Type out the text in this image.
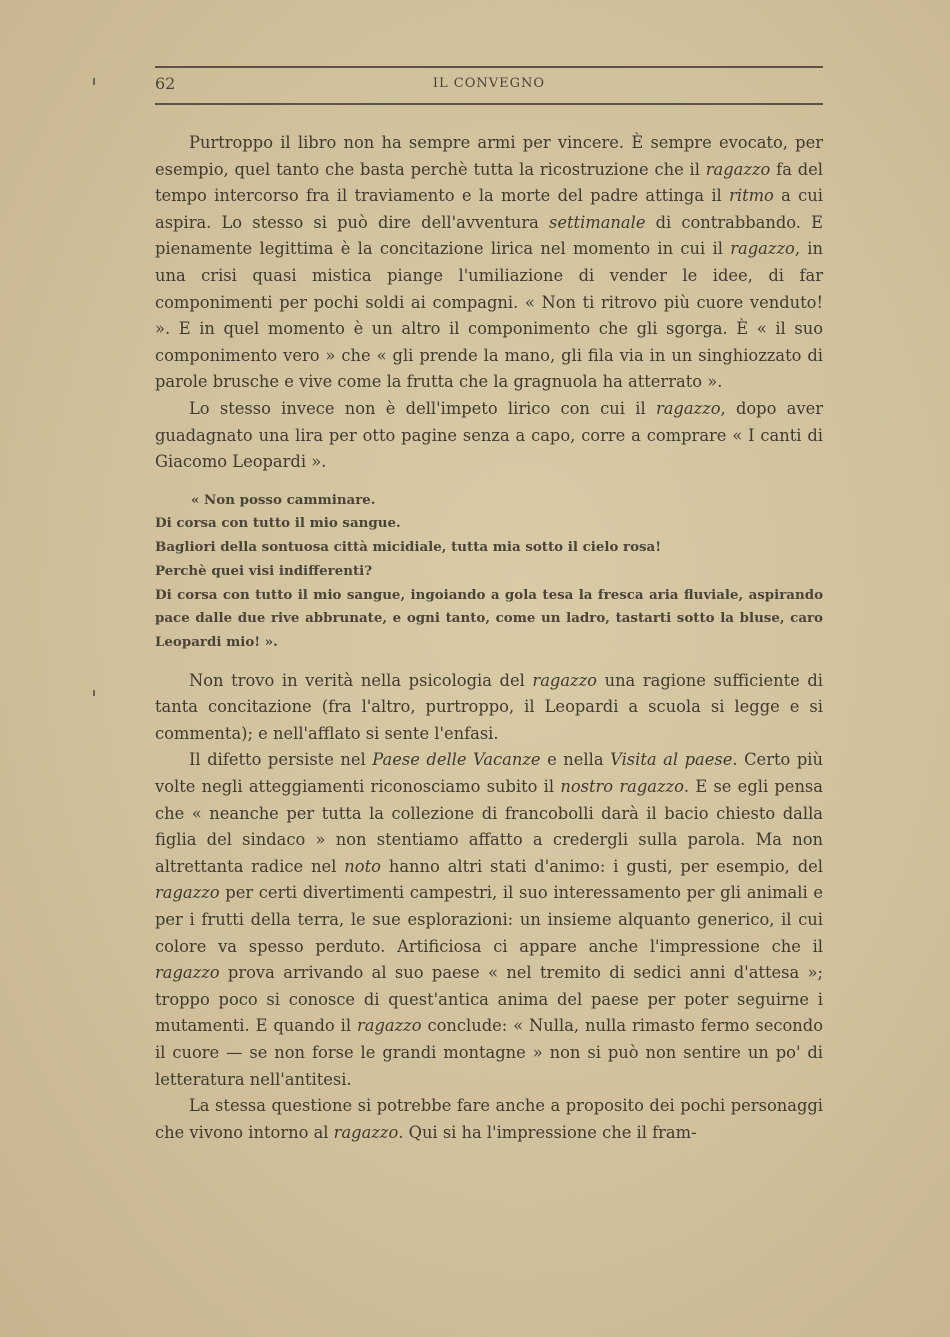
62	IL CONVEGNO

Purtroppo il libro non ha sempre armi per vincere. È sempre evocato, per esempio, quel tanto che basta perchè tutta la ricostruzione che il ragazzo fa del tempo intercorso fra il traviamento e la morte del padre attinga il ritmo a cui aspira. Lo stesso si può dire dell'avventura settimanale di contrabbando. E pienamente legittima è la concitazione lirica nel momento in cui il ragazzo, in una crisi quasi mistica piange l'umiliazione di vender le idee, di far componimenti per pochi soldi ai compagni. « Non ti ritrovo più cuore venduto! ». E in quel momento è un altro il componimento che gli sgorga. È « il suo componimento vero » che « gli prende la mano, gli fila via in un singhiozzato di parole brusche e vive come la frutta che la gragnuola ha atterrato ».

Lo stesso invece non è dell'impeto lirico con cui il ragazzo, dopo aver guadagnato una lira per otto pagine senza a capo, corre a comprare « I canti di Giacomo Leopardi ».

« Non posso camminare.
Di corsa con tutto il mio sangue.
Bagliori della sontuosa città micidiale, tutta mia sotto il cielo rosa!
Perchè quei visi indifferenti?
Di corsa con tutto il mio sangue, ingoiando a gola tesa la fresca aria fluviale, aspirando pace dalle due rive abbrunate, e ogni tanto, come un ladro, tastarti sotto la bluse, caro Leopardi mio! ».

Non trovo in verità nella psicologia del ragazzo una ragione sufficiente di tanta concitazione (fra l'altro, purtroppo, il Leopardi a scuola si legge e si commenta); e nell'afflato si sente l'enfasi.

Il difetto persiste nel Paese delle Vacanze e nella Visita al paese. Certo più volte negli atteggiamenti riconosciamo subito il nostro ragazzo. E se egli pensa che « neanche per tutta la collezione di francobolli darà il bacio chiesto dalla figlia del sindaco » non stentiamo affatto a credergli sulla parola. Ma non altrettanta radice nel noto hanno altri stati d'animo: i gusti, per esempio, del ragazzo per certi divertimenti campestri, il suo interessamento per gli animali e per i frutti della terra, le sue esplorazioni: un insieme alquanto generico, il cui colore va spesso perduto. Artificiosa ci appare anche l'impressione che il ragazzo prova arrivando al suo paese « nel tremito di sedici anni d'attesa »; troppo poco si conosce di quest'antica anima del paese per poter seguirne i mutamenti. E quando il ragazzo conclude: « Nulla, nulla rimasto fermo secondo il cuore — se non forse le grandi montagne » non si può non sentire un po' di letteratura nell'antitesi.

La stessa questione si potrebbe fare anche a proposito dei pochi personaggi che vivono intorno al ragazzo. Qui si ha l'impressione che il fram-
